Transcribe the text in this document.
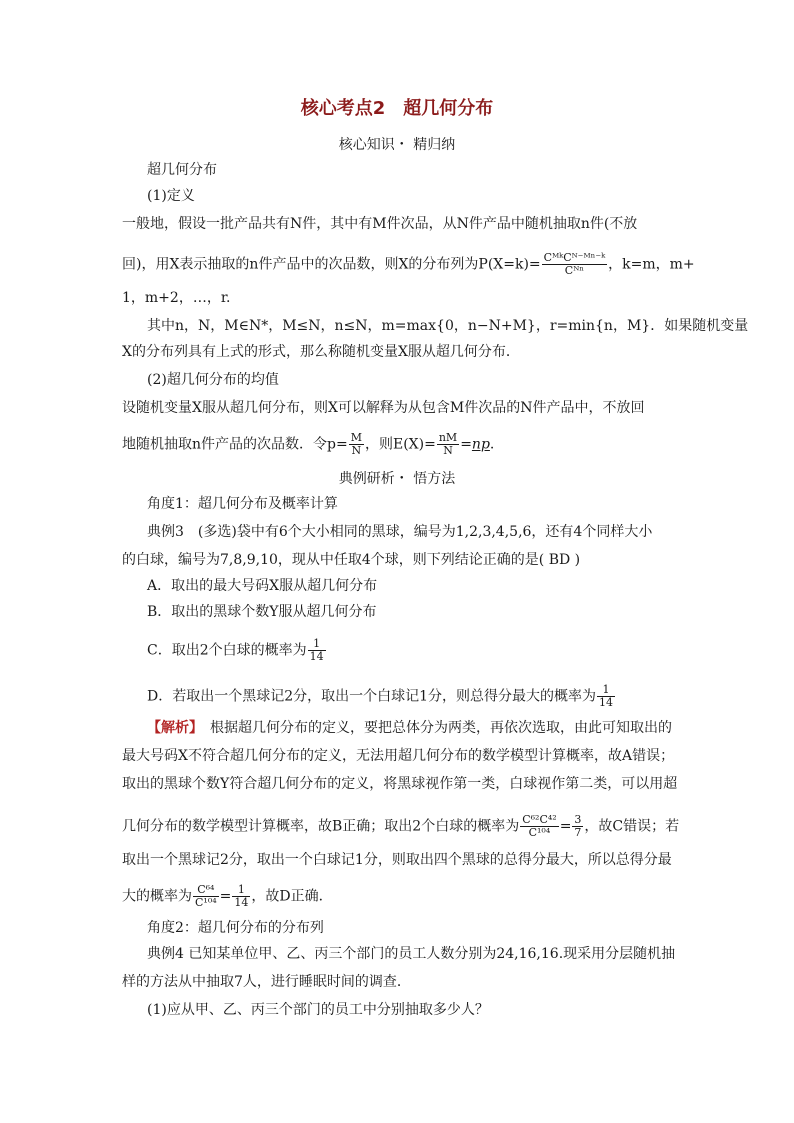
核心考点2　超几何分布
核心知识・ 精归纳
超几何分布
(1)定义
一般地，假设一批产品共有N件，其中有M件次品，从N件产品中随机抽取n件(不放
回)，用X表示抽取的n件产品中的次品数，则X的分布列为$P(X=k)= \frac{\text{CᴹᵏCᴺ⁻ᴹⁿ⁻ᵏ}}{\text{Cᴺⁿ}}$ ，k=m，m+
1，m+2，…，r.
其中n，N，M∈N*，M≤N，n≤N，m=max{0，n−N+M}，r=min{n，M}．如果随机变量
X的分布列具有上式的形式，那么称随机变量X服从超几何分布．
(2)超几何分布的均值
设随机变量X服从超几何分布，则X可以解释为从包含M件次品的N件产品中，不放回
地随机抽取n件产品的次品数．令$p= \frac{M}{N}$ ，则$E(X)= \frac{nM}{N} =np$.
典例研析・ 悟方法
角度1：超几何分布及概率计算
典例3　(多选)袋中有6个大小相同的黑球，编号为1,2,3,4,5,6，还有4个同样大小
的白球，编号为7,8,9,10，现从中任取4个球，则下列结论正确的是( BD )
A．取出的最大号码X服从超几何分布
B．取出的黑球个数Y服从超几何分布
C．取出2个白球的概率为 $\frac{1}{14}$
D．若取出一个黑球记2分，取出一个白球记1分，则总得分最大的概率为 $\frac{1}{14}$
【解析】　根据超几何分布的定义，要把总体分为两类，再依次选取，由此可知取出的
最大号码X不符合超几何分布的定义，无法用超几何分布的数学模型计算概率，故A错误；
取出的黑球个数Y符合超几何分布的定义，将黑球视作第一类，白球视作第二类，可以用超
几何分布的数学模型计算概率，故B正确；取出2个白球的概率为 $\frac{\text{C⁶²C⁴²}}{\text{C¹⁰⁴}} = \frac{3}{7}$ ，故C错误；若
取出一个黑球记2分，取出一个白球记1分，则取出四个黑球的总得分最大，所以总得分最
大的概率为 $\frac{\text{C⁶⁴}}{\text{C¹⁰⁴}} = \frac{1}{14}$ ，故D正确．
角度2：超几何分布的分布列
典例4 已知某单位甲、乙、丙三个部门的员工人数分别为24,16,16.现采用分层随机抽
样的方法从中抽取7人，进行睡眠时间的调查．
(1)应从甲、乙、丙三个部门的员工中分别抽取多少人？
